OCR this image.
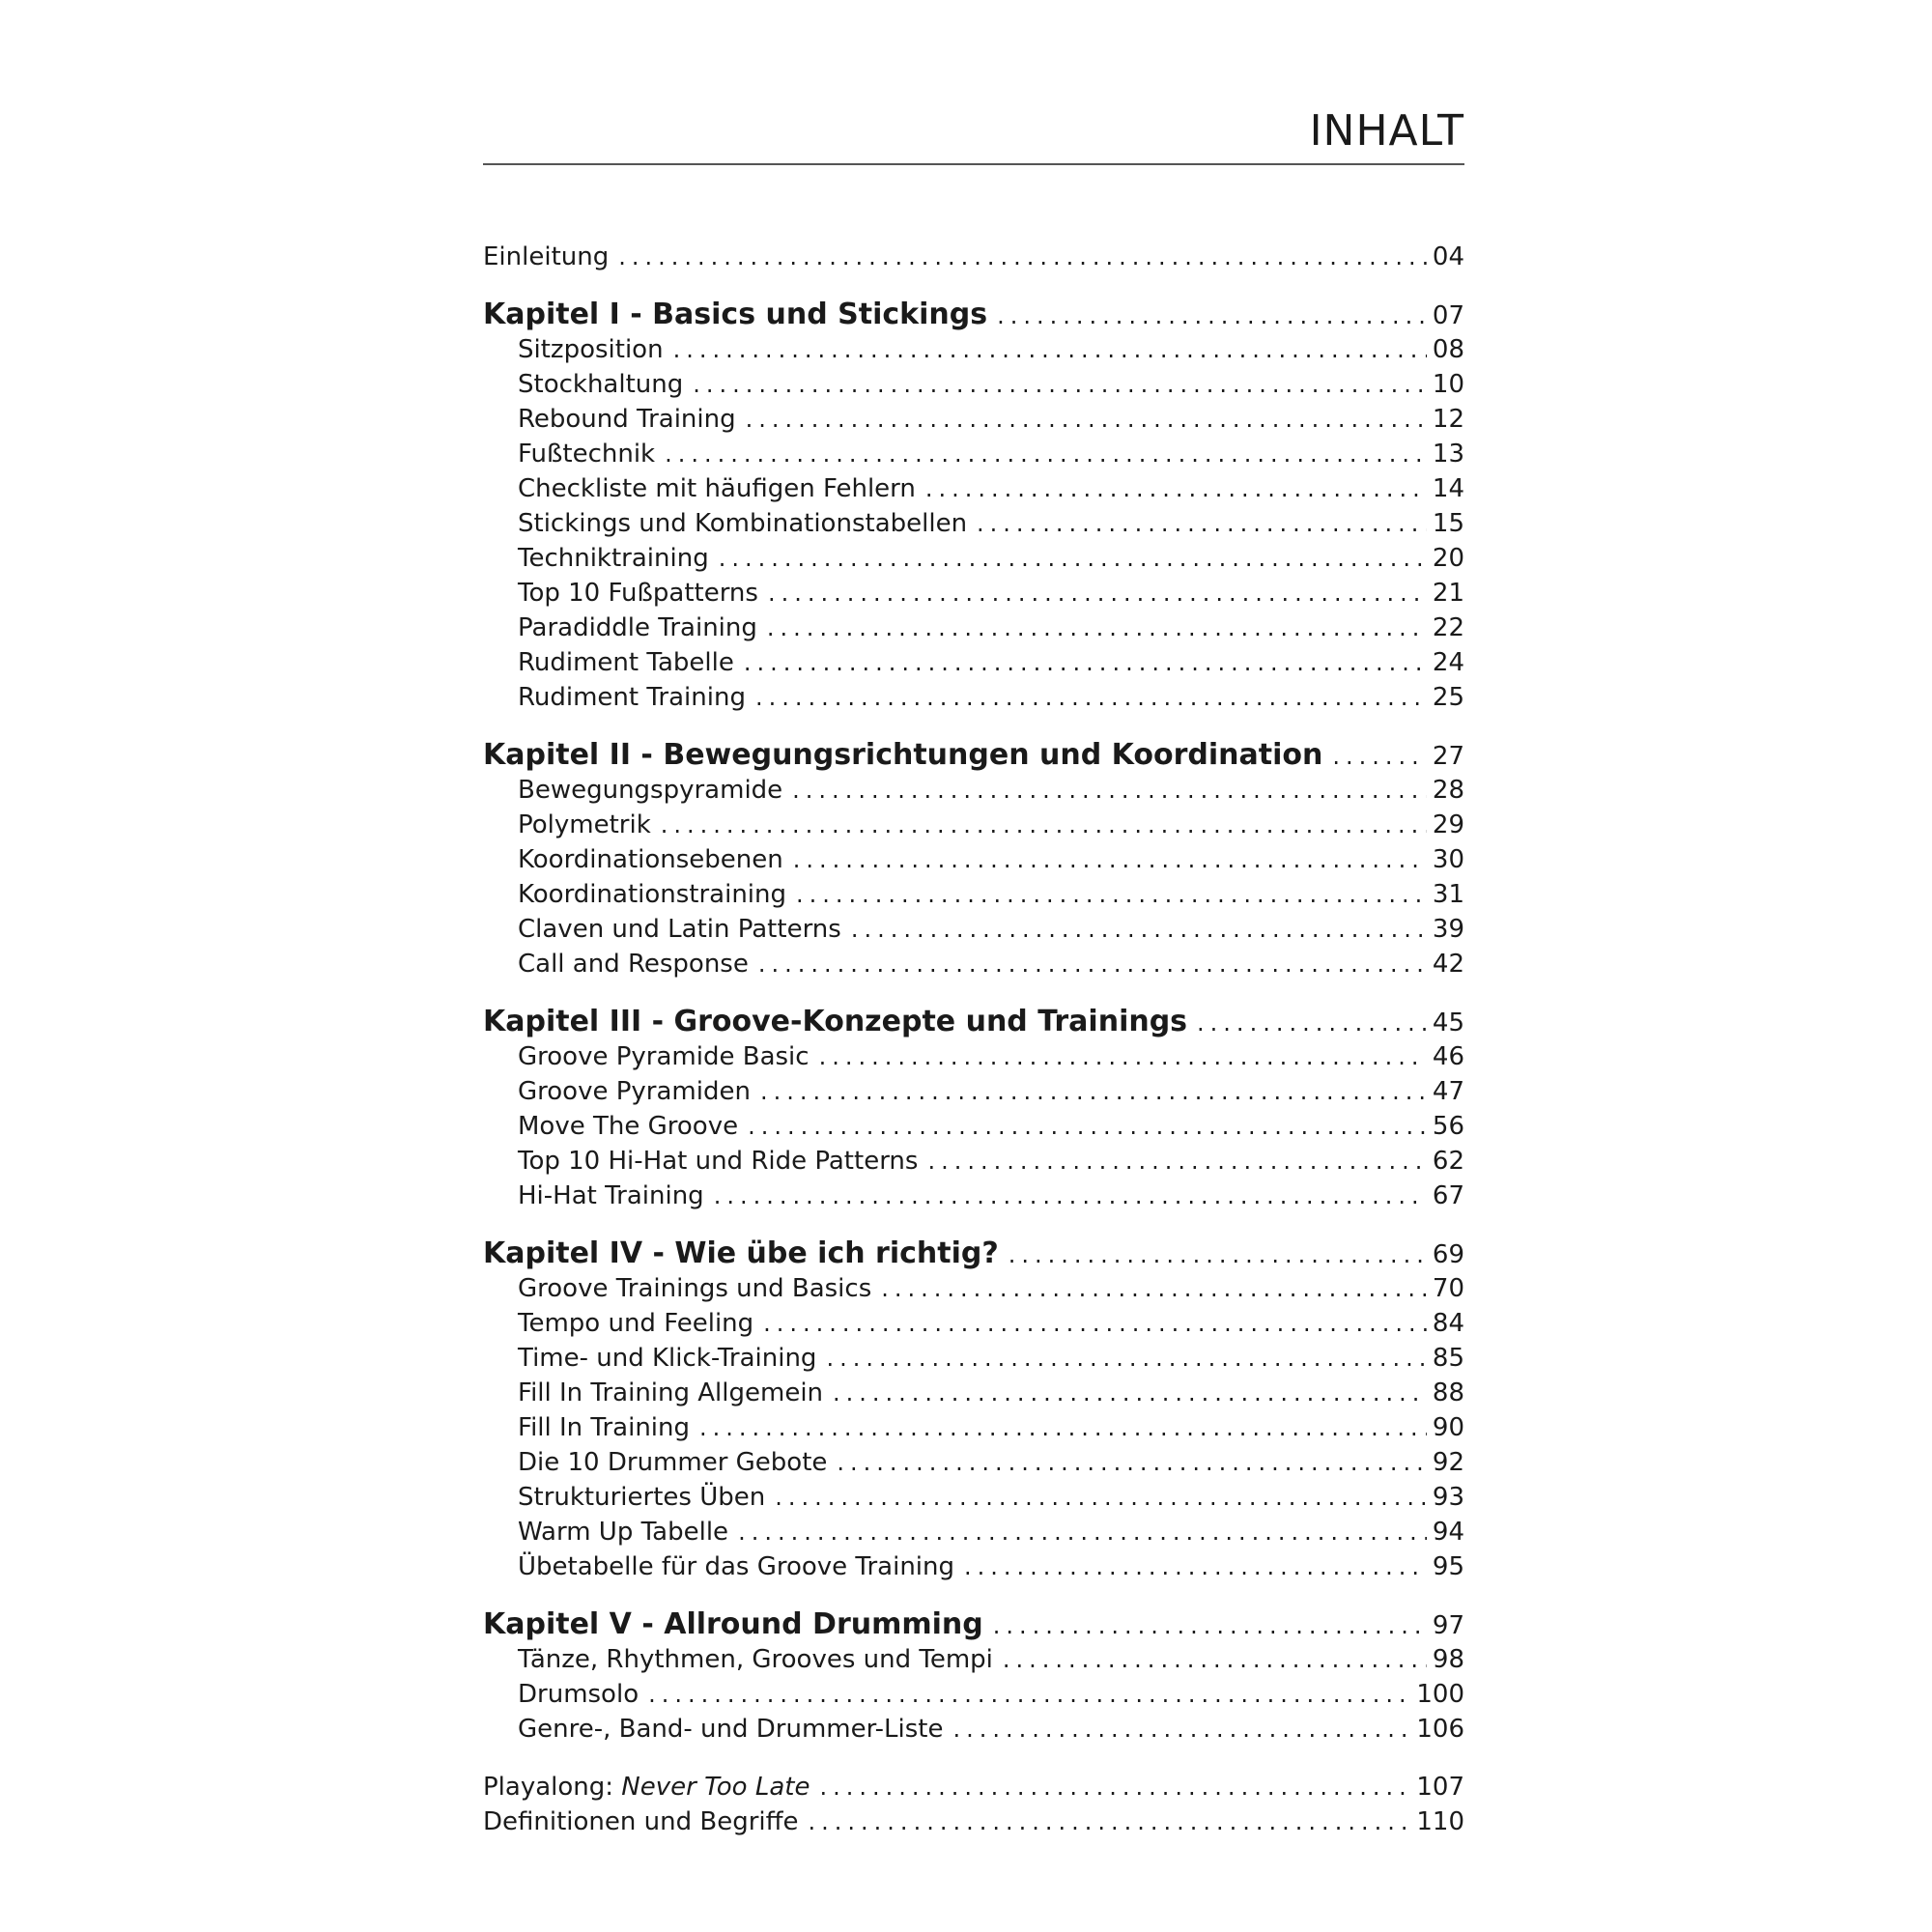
INHALT
Einleitung .....	04
Kapitel I - Basics und Stickings .....	07
Sitzposition .....	08
Stockhaltung .....	10
Rebound Training .....	12
Fußtechnik .....	13
Checkliste mit häufigen Fehlern .....	14
Stickings und Kombinationstabellen .....	15
Techniktraining .....	20
Top 10 Fußpatterns .....	21
Paradiddle Training .....	22
Rudiment Tabelle .....	24
Rudiment Training .....	25
Kapitel II - Bewegungsrichtungen und Koordination .....	27
Bewegungspyramide .....	28
Polymetrik .....	29
Koordinationsebenen .....	30
Koordinationstraining .....	31
Claven und Latin Patterns .....	39
Call and Response .....	42
Kapitel III - Groove-Konzepte und Trainings .....	45
Groove Pyramide Basic .....	46
Groove Pyramiden .....	47
Move The Groove .....	56
Top 10 Hi-Hat und Ride Patterns .....	62
Hi-Hat Training .....	67
Kapitel IV - Wie übe ich richtig? .....	69
Groove Trainings und Basics .....	70
Tempo und Feeling .....	84
Time- und Klick-Training .....	85
Fill In Training Allgemein .....	88
Fill In Training .....	90
Die 10 Drummer Gebote .....	92
Strukturiertes Üben .....	93
Warm Up Tabelle .....	94
Übetabelle für das Groove Training .....	95
Kapitel V - Allround Drumming .....	97
Tänze, Rhythmen, Grooves und Tempi .....	98
Drumsolo .....	100
Genre-, Band- und Drummer-Liste .....	106
Playalong: Never Too Late .....	107
Definitionen und Begriffe .....	110
